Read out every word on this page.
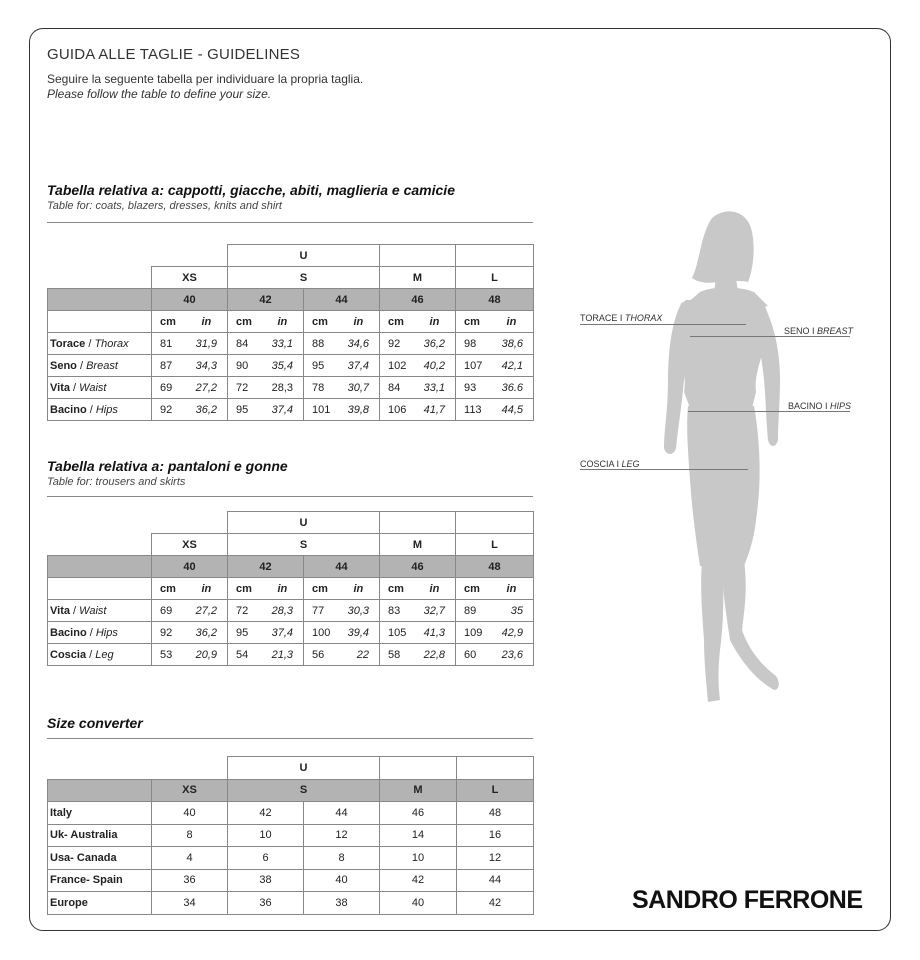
GUIDA ALLE TAGLIE - GUIDELINES
Seguire la seguente tabella per individuare la propria taglia.
Please follow the table to define your size.
Tabella relativa a: cappotti, giacche, abiti, maglieria e camicie
Table for: coats, blazers, dresses, knits and shirt
			U							
	XS		S				M		L	
	40		42		44		46		48	
	cm	in	cm	in	cm	in	cm	in	cm	in
Torace / Thorax	81	31,9	84	33,1	88	34,6	92	36,2	98	38,6
Seno / Breast	87	34,3	90	35,4	95	37,4	102	40,2	107	42,1
Vita / Waist	69	27,2	72	28,3	78	30,7	84	33,1	93	36.6
Bacino / Hips	92	36,2	95	37,4	101	39,8	106	41,7	113	44,5
Tabella relativa a: pantaloni e gonne
Table for: trousers and skirts
			U							
	XS		S				M		L	
	40		42		44		46		48	
	cm	in	cm	in	cm	in	cm	in	cm	in
Vita / Waist	69	27,2	72	28,3	77	30,3	83	32,7	89	35
Bacino / Hips	92	36,2	95	37,4	100	39,4	105	41,3	109	42,9
Coscia / Leg	53	20,9	54	21,3	56	22	58	22,8	60	23,6
Size converter
		U			
	XS	S		M	L
Italy	40	42	44	46	48
Uk- Australia	8	10	12	14	16
Usa- Canada	4	6	8	10	12
France- Spain	36	38	40	42	44
Europe	34	36	38	40	42
TORACE I THORAX
SENO I BREAST
BACINO I HIPS
COSCIA I LEG
SANDRO FERRONE
